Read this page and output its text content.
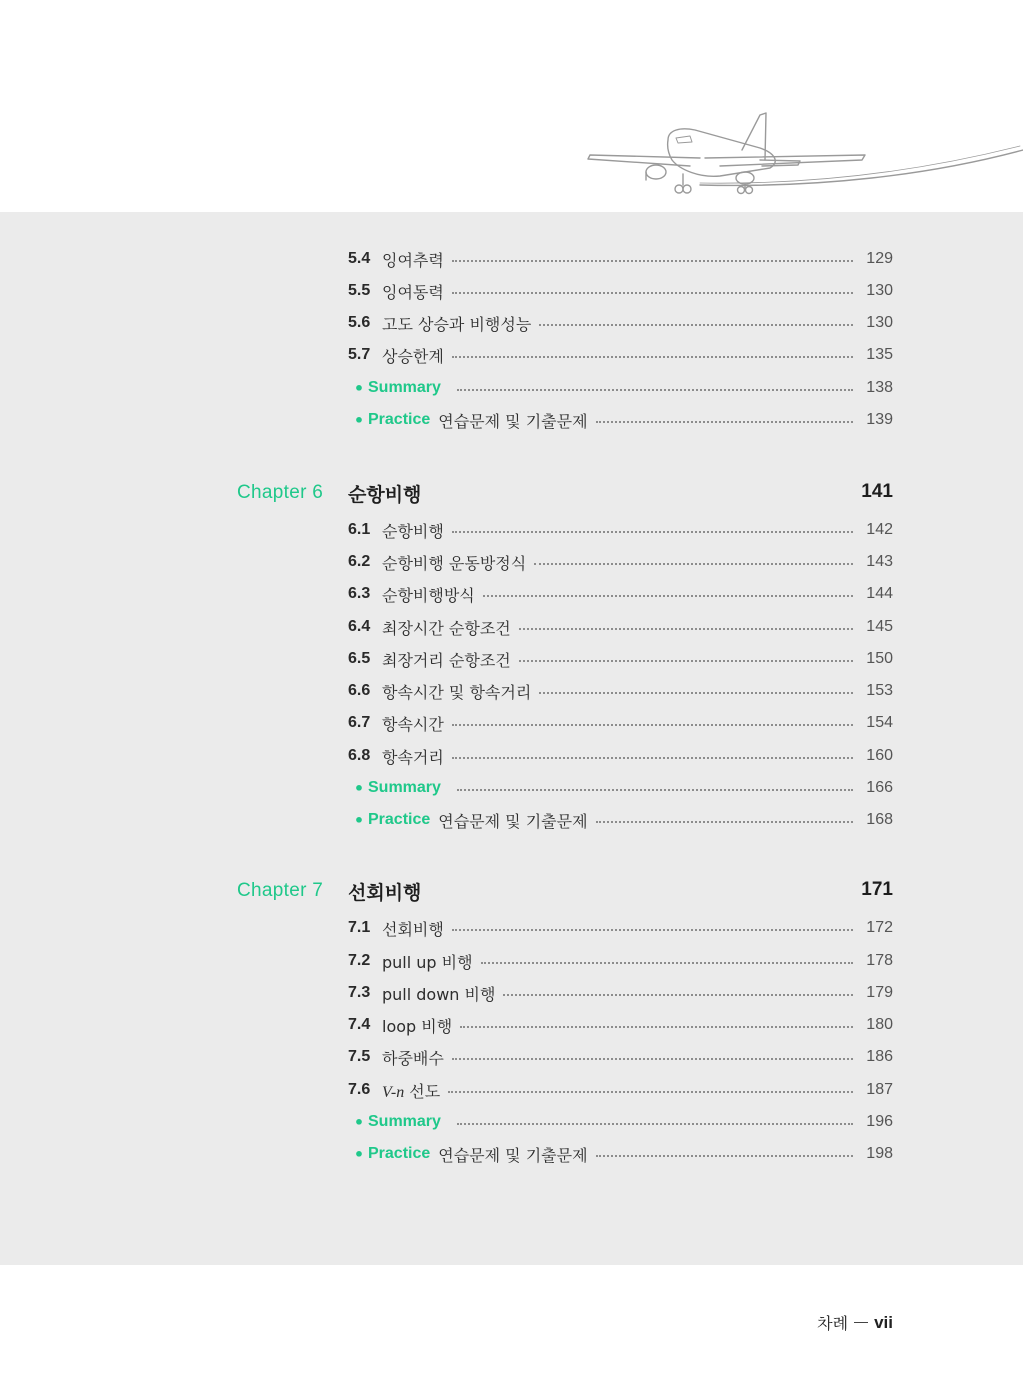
5.4 잉여추력	129
5.5 잉여동력	130
5.6 고도 상승과 비행성능	130
5.7 상승한계	135
• Summary	138
• Practice 연습문제 및 기출문제	139
Chapter 6 순항비행	141
6.1 순항비행	142
6.2 순항비행 운동방정식	143
6.3 순항비행방식	144
6.4 최장시간 순항조건	145
6.5 최장거리 순항조건	150
6.6 항속시간 및 항속거리	153
6.7 항속시간	154
6.8 항속거리	160
• Summary	166
• Practice 연습문제 및 기출문제	168
Chapter 7 선회비행	171
7.1 선회비행	172
7.2 pull up 비행	178
7.3 pull down 비행	179
7.4 loop 비행	180
7.5 하중배수	186
7.6 V-n 선도	187
• Summary	196
• Practice 연습문제 및 기출문제	198
차례 vii
